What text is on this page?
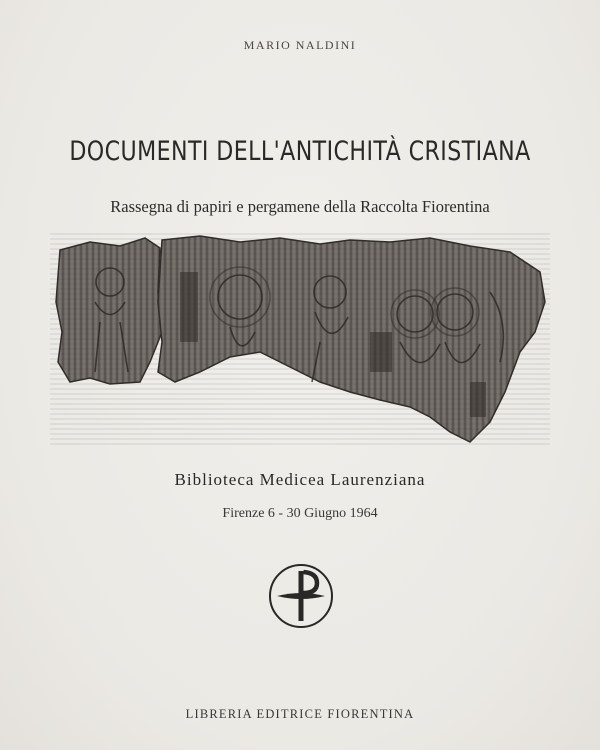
MARIO NALDINI
DOCUMENTI DELL'ANTICHITÀ CRISTIANA
Rassegna di papiri e pergamene della Raccolta Fiorentina
Biblioteca Medicea Laurenziana
Firenze 6 - 30 Giugno 1964
LIBRERIA EDITRICE FIORENTINA
